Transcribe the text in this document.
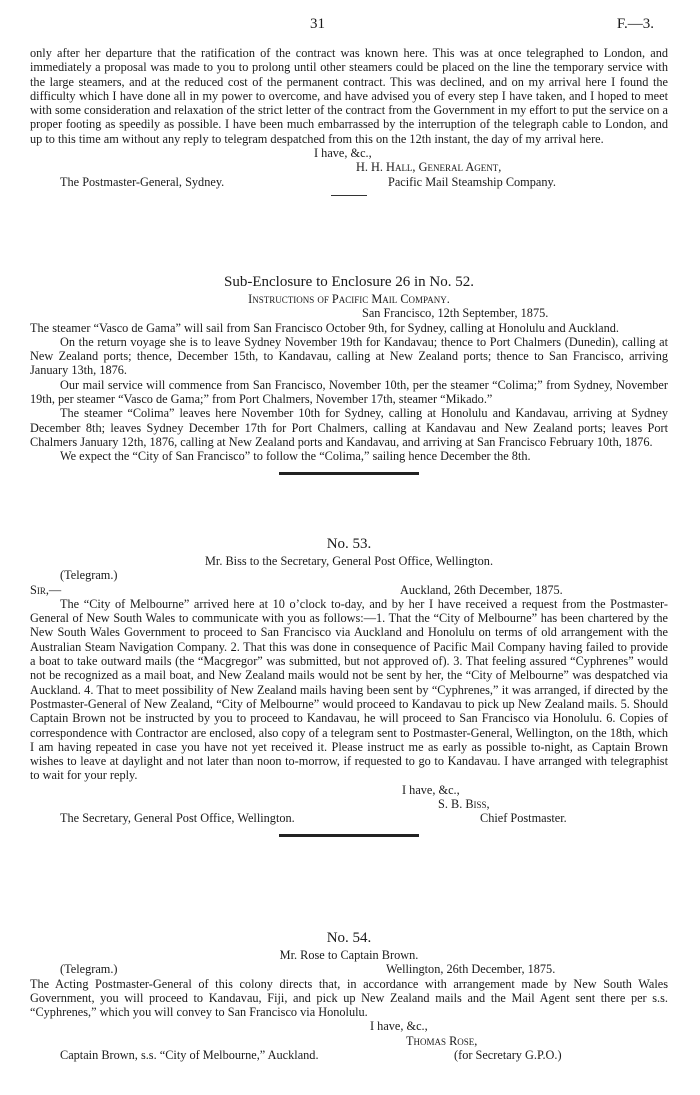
31	F.—3.

only after her departure that the ratification of the contract was known here. This was at once telegraphed to London, and immediately a proposal was made to you to prolong until other steamers could be placed on the line the temporary service with the large steamers, and at the reduced cost of the permanent contract. This was declined, and on my arrival here I found the difficulty which I have done all in my power to overcome, and have advised you of every step I have taken, and I hoped to meet with some consideration and relaxation of the strict letter of the contract from the Government in my effort to put the service on a proper footing as speedily as possible. I have been much embarrassed by the interruption of the telegraph cable to London, and up to this time am without any reply to telegram despatched from this on the 12th instant, the day of my arrival here.

I have, &c.,
H. H. Hall, General Agent,
The Postmaster-General, Sydney.	Pacific Mail Steamship Company.
Sub-Enclosure to Enclosure 26 in No. 52.
Instructions of Pacific Mail Company.
San Francisco, 12th September, 1875.

The steamer “Vasco de Gama” will sail from San Francisco October 9th, for Sydney, calling at Honolulu and Auckland.

On the return voyage she is to leave Sydney November 19th for Kandavau; thence to Port Chalmers (Dunedin), calling at New Zealand ports; thence, December 15th, to Kandavau, calling at New Zealand ports; thence to San Francisco, arriving January 13th, 1876.

Our mail service will commence from San Francisco, November 10th, per the steamer “Colima;” from Sydney, November 19th, per steamer “Vasco de Gama;” from Port Chalmers, November 17th, steamer “Mikado.”

The steamer “Colima” leaves here November 10th for Sydney, calling at Honolulu and Kandavau, arriving at Sydney December 8th; leaves Sydney December 17th for Port Chalmers, calling at Kandavau and New Zealand ports; leaves Port Chalmers January 12th, 1876, calling at New Zealand ports and Kandavau, and arriving at San Francisco February 10th, 1876.

We expect the “City of San Francisco” to follow the “Colima,” sailing hence December the 8th.

No. 53.
Mr. Biss to the Secretary, General Post Office, Wellington.
(Telegram.)
Sir,—	Auckland, 26th December, 1875.

The “City of Melbourne” arrived here at 10 o’clock to-day, and by her I have received a request from the Postmaster-General of New South Wales to communicate with you as follows:—1. That the “City of Melbourne” has been chartered by the New South Wales Government to proceed to San Francisco via Auckland and Honolulu on terms of old arrangement with the Australian Steam Navigation Company. 2. That this was done in consequence of Pacific Mail Company having failed to provide a boat to take outward mails (the “Macgregor” was submitted, but not approved of). 3. That feeling assured “Cyphrenes” would not be recognized as a mail boat, and New Zealand mails would not be sent by her, the “City of Melbourne” was despatched via Auckland. 4. That to meet possibility of New Zealand mails having been sent by “Cyphrenes,” it was arranged, if directed by the Postmaster-General of New Zealand, “City of Melbourne” would proceed to Kandavau to pick up New Zealand mails. 5. Should Captain Brown not be instructed by you to proceed to Kandavau, he will proceed to San Francisco via Honolulu. 6. Copies of correspondence with Contractor are enclosed, also copy of a telegram sent to Postmaster-General, Wellington, on the 18th, which I am having repeated in case you have not yet received it. Please instruct me as early as possible to-night, as Captain Brown wishes to leave at daylight and not later than noon to-morrow, if requested to go to Kandavau. I have arranged with telegraphist to wait for your reply.

I have, &c.,
S. B. Biss,
The Secretary, General Post Office, Wellington.	Chief Postmaster.
No. 54.
Mr. Rose to Captain Brown.
(Telegram.)	Wellington, 26th December, 1875.

The Acting Postmaster-General of this colony directs that, in accordance with arrangement made by New South Wales Government, you will proceed to Kandavau, Fiji, and pick up New Zealand mails and the Mail Agent sent there per s.s. “Cyphrenes,” which you will convey to San Francisco via Honolulu.

I have, &c.,
Thomas Rose,
Captain Brown, s.s. “City of Melbourne,” Auckland.	(for Secretary G.P.O.)
